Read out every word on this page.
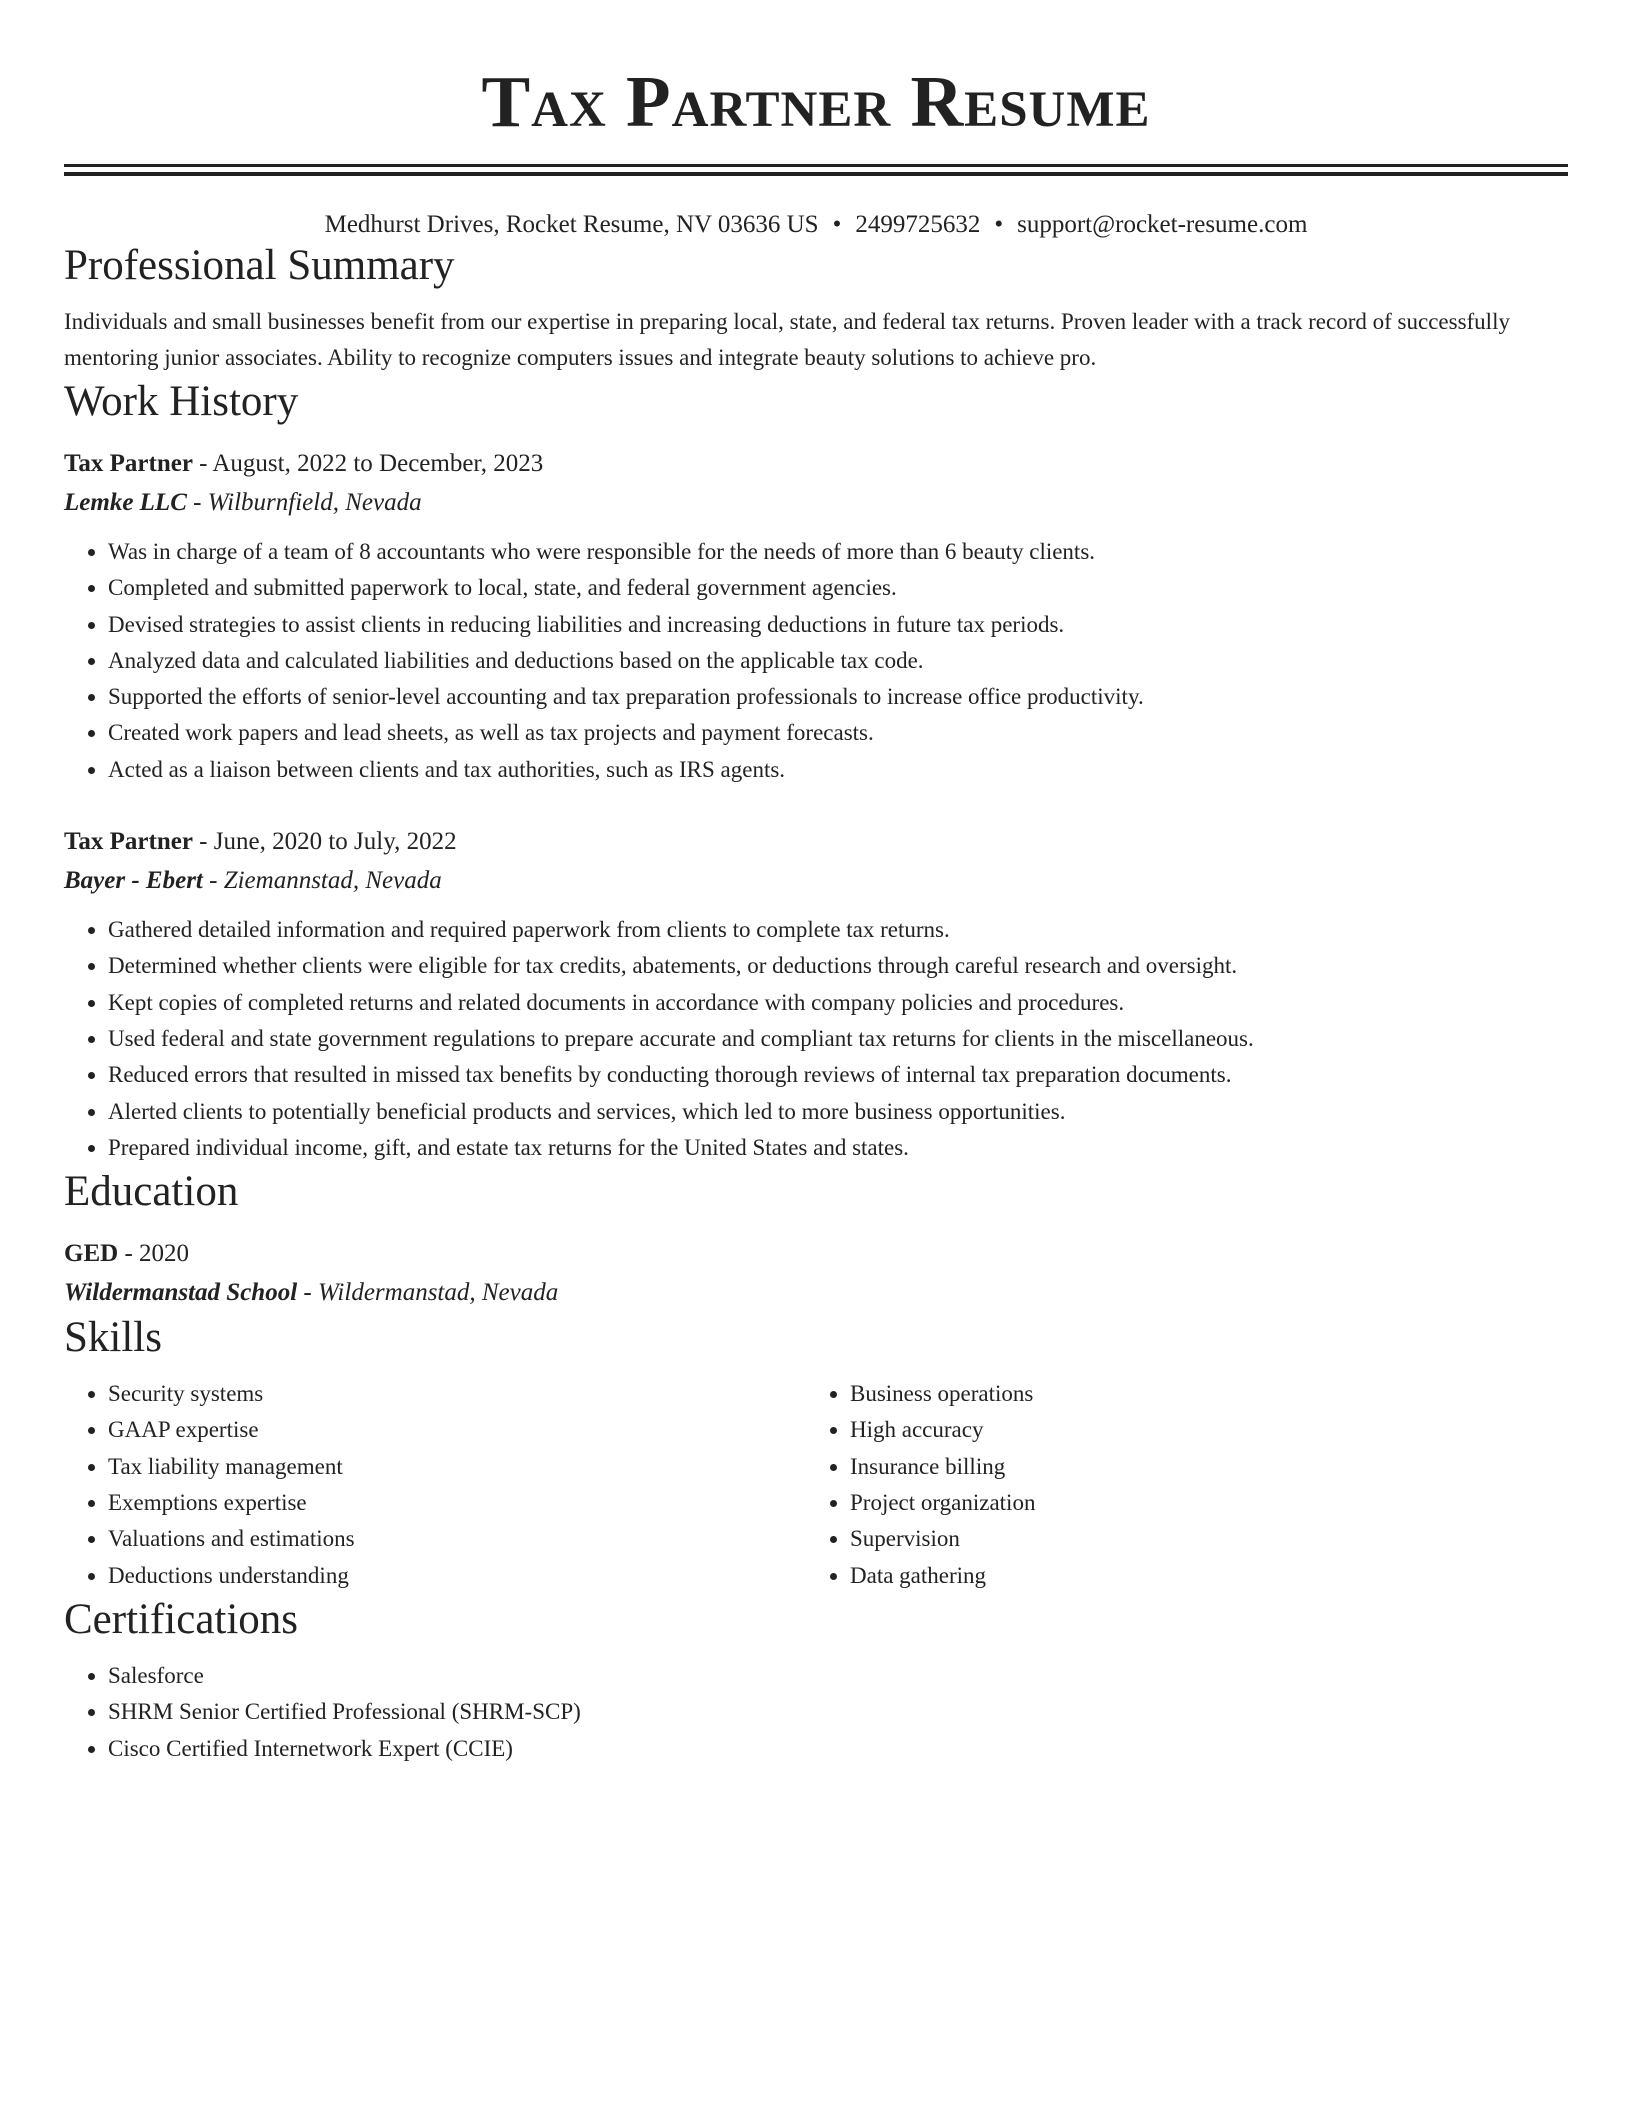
Tax Partner Resume
Medhurst Drives, Rocket Resume, NV 03636 US • 2499725632 • support@rocket-resume.com
Professional Summary

Individuals and small businesses benefit from our expertise in preparing local, state, and federal tax returns. Proven leader with a track record of successfully mentoring junior associates. Ability to recognize computers issues and integrate beauty solutions to achieve pro.

Work History
Tax Partner - August, 2022 to December, 2023
Lemke LLC - Wilburnfield, Nevada
• Was in charge of a team of 8 accountants who were responsible for the needs of more than 6 beauty clients.
• Completed and submitted paperwork to local, state, and federal government agencies.
• Devised strategies to assist clients in reducing liabilities and increasing deductions in future tax periods.
• Analyzed data and calculated liabilities and deductions based on the applicable tax code.
• Supported the efforts of senior-level accounting and tax preparation professionals to increase office productivity.
• Created work papers and lead sheets, as well as tax projects and payment forecasts.
• Acted as a liaison between clients and tax authorities, such as IRS agents.
Tax Partner - June, 2020 to July, 2022
Bayer - Ebert - Ziemannstad, Nevada
• Gathered detailed information and required paperwork from clients to complete tax returns.
• Determined whether clients were eligible for tax credits, abatements, or deductions through careful research and oversight.
• Kept copies of completed returns and related documents in accordance with company policies and procedures.
• Used federal and state government regulations to prepare accurate and compliant tax returns for clients in the miscellaneous.
• Reduced errors that resulted in missed tax benefits by conducting thorough reviews of internal tax preparation documents.
• Alerted clients to potentially beneficial products and services, which led to more business opportunities.
• Prepared individual income, gift, and estate tax returns for the United States and states.
Education
GED - 2020
Wildermanstad School - Wildermanstad, Nevada
Skills
• Security systems
• GAAP expertise
• Tax liability management
• Exemptions expertise
• Valuations and estimations
• Deductions understanding
• Business operations
• High accuracy
• Insurance billing
• Project organization
• Supervision
• Data gathering
Certifications
• Salesforce
• SHRM Senior Certified Professional (SHRM-SCP)
• Cisco Certified Internetwork Expert (CCIE)
